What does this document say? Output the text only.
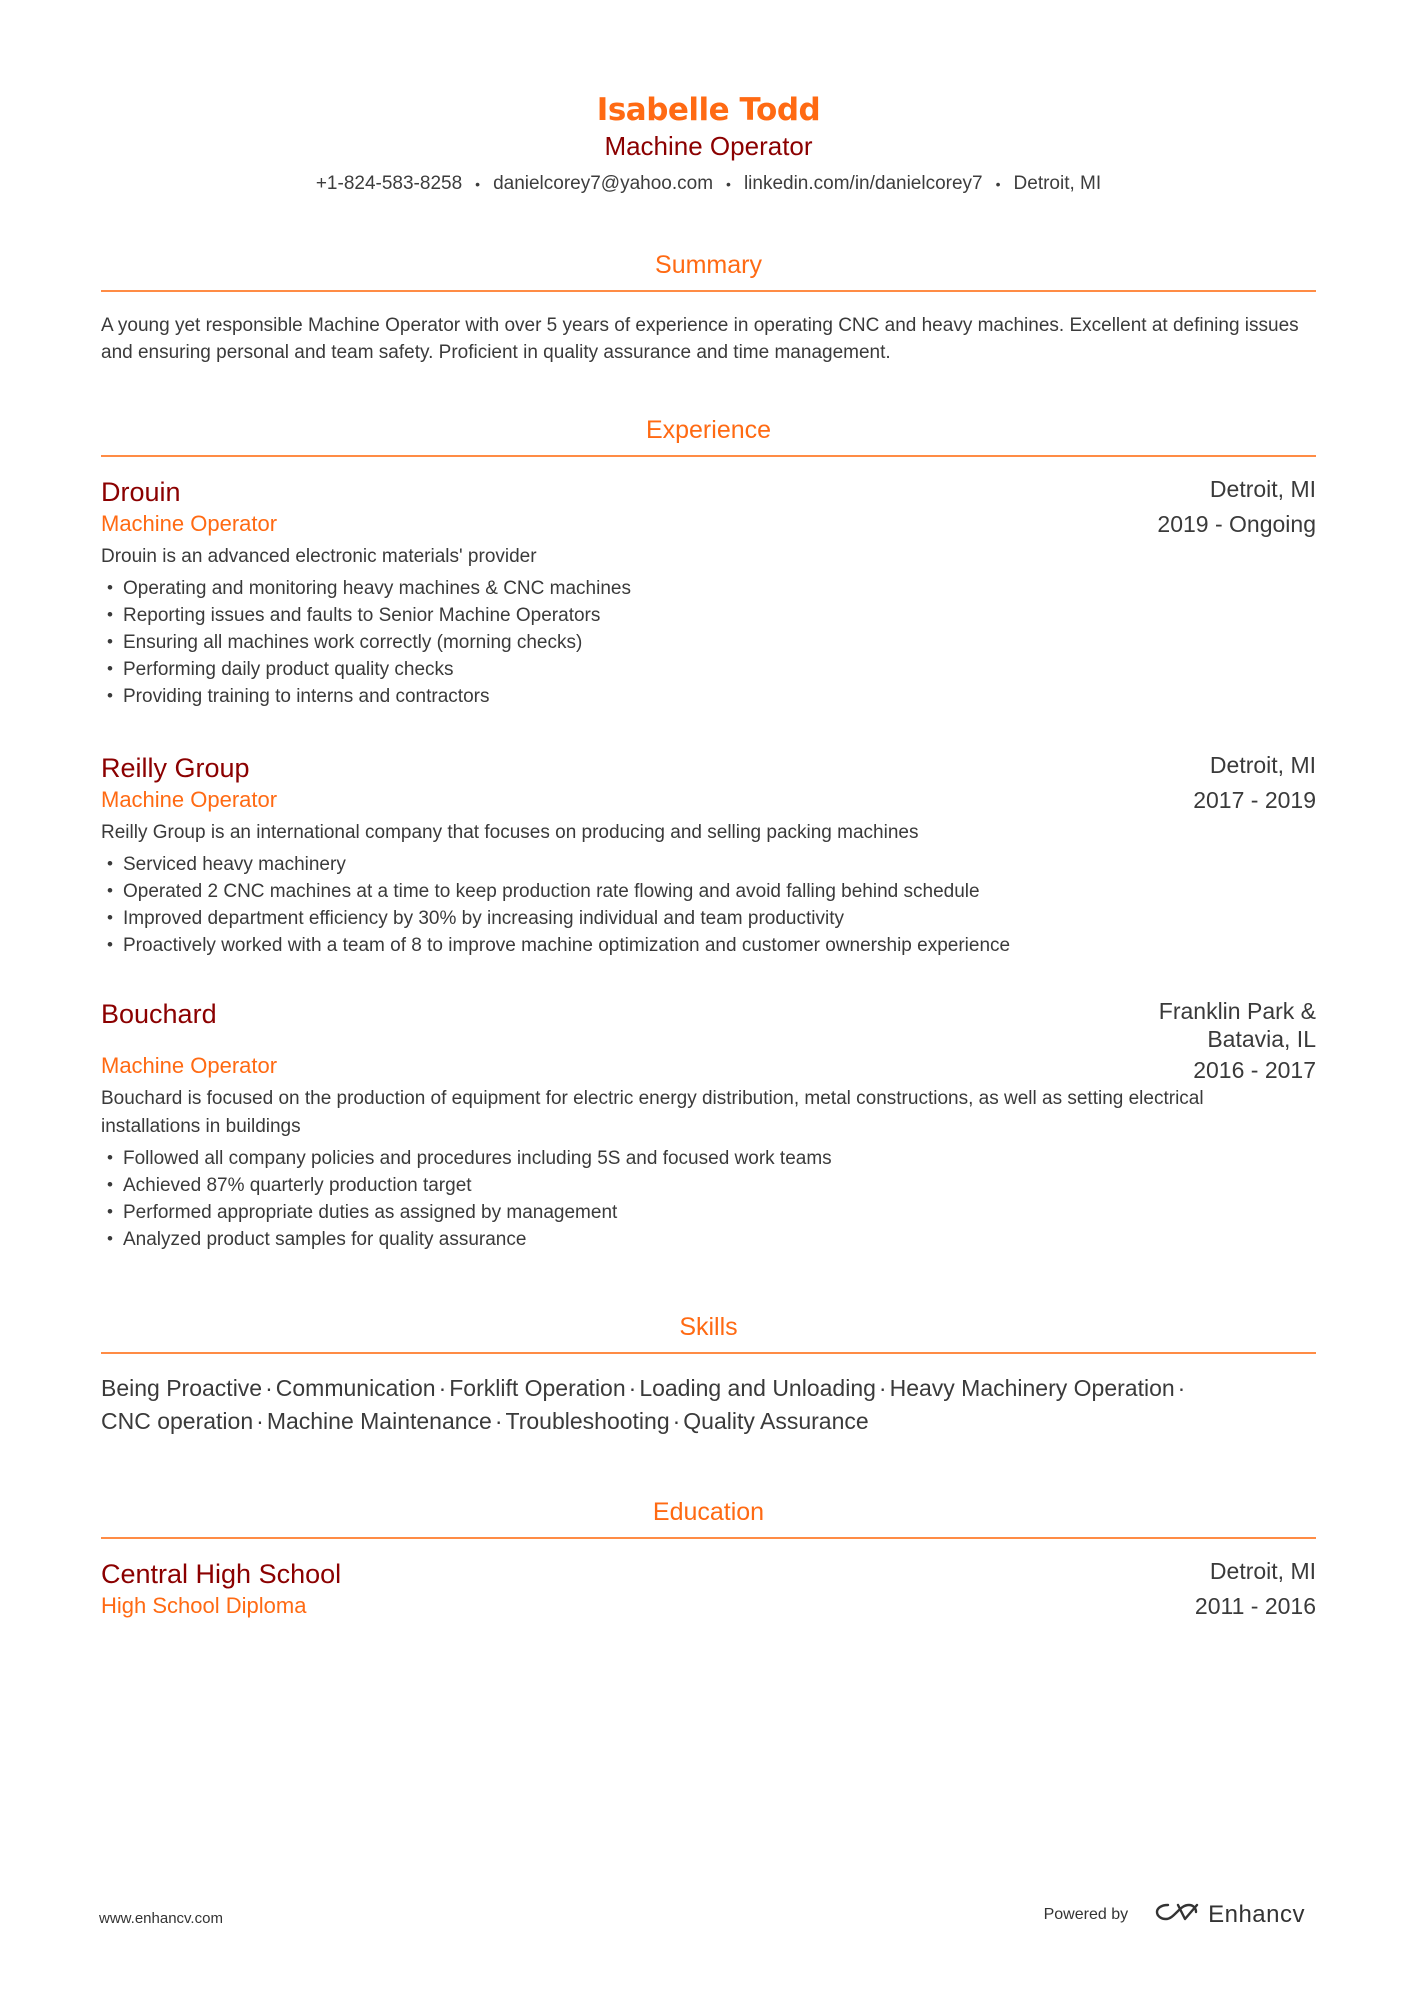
Isabelle Todd
Machine Operator
+1-824-583-8258 • danielcorey7@yahoo.com • linkedin.com/in/danielcorey7 • Detroit, MI
Summary
A young yet responsible Machine Operator with over 5 years of experience in operating CNC and heavy machines. Excellent at defining issues and ensuring personal and team safety. Proficient in quality assurance and time management.
Experience
Detroit, MI
2019 - Ongoing
Drouin
Machine Operator
Drouin is an advanced electronic materials' provider
• Operating and monitoring heavy machines & CNC machines
• Reporting issues and faults to Senior Machine Operators
• Ensuring all machines work correctly (morning checks)
• Performing daily product quality checks
• Providing training to interns and contractors
Detroit, MI
2017 - 2019
Reilly Group
Machine Operator
Reilly Group is an international company that focuses on producing and selling packing machines
• Serviced heavy machinery
• Operated 2 CNC machines at a time to keep production rate flowing and avoid falling behind schedule
• Improved department efficiency by 30% by increasing individual and team productivity
• Proactively worked with a team of 8 to improve machine optimization and customer ownership experience
Franklin Park &
Batavia, IL
2016 - 2017
Bouchard
Machine Operator
Bouchard is focused on the production of equipment for electric energy distribution, metal constructions, as well as setting electrical installations in buildings
• Followed all company policies and procedures including 5S and focused work teams
• Achieved 87% quarterly production target
• Performed appropriate duties as assigned by management
• Analyzed product samples for quality assurance
Skills
Being Proactive · Communication · Forklift Operation · Loading and Unloading · Heavy Machinery Operation ·
CNC operation · Machine Maintenance · Troubleshooting · Quality Assurance
Education
Detroit, MI
2011 - 2016
Central High School
High School Diploma
www.enhancv.com	Powered by	Enhancv
